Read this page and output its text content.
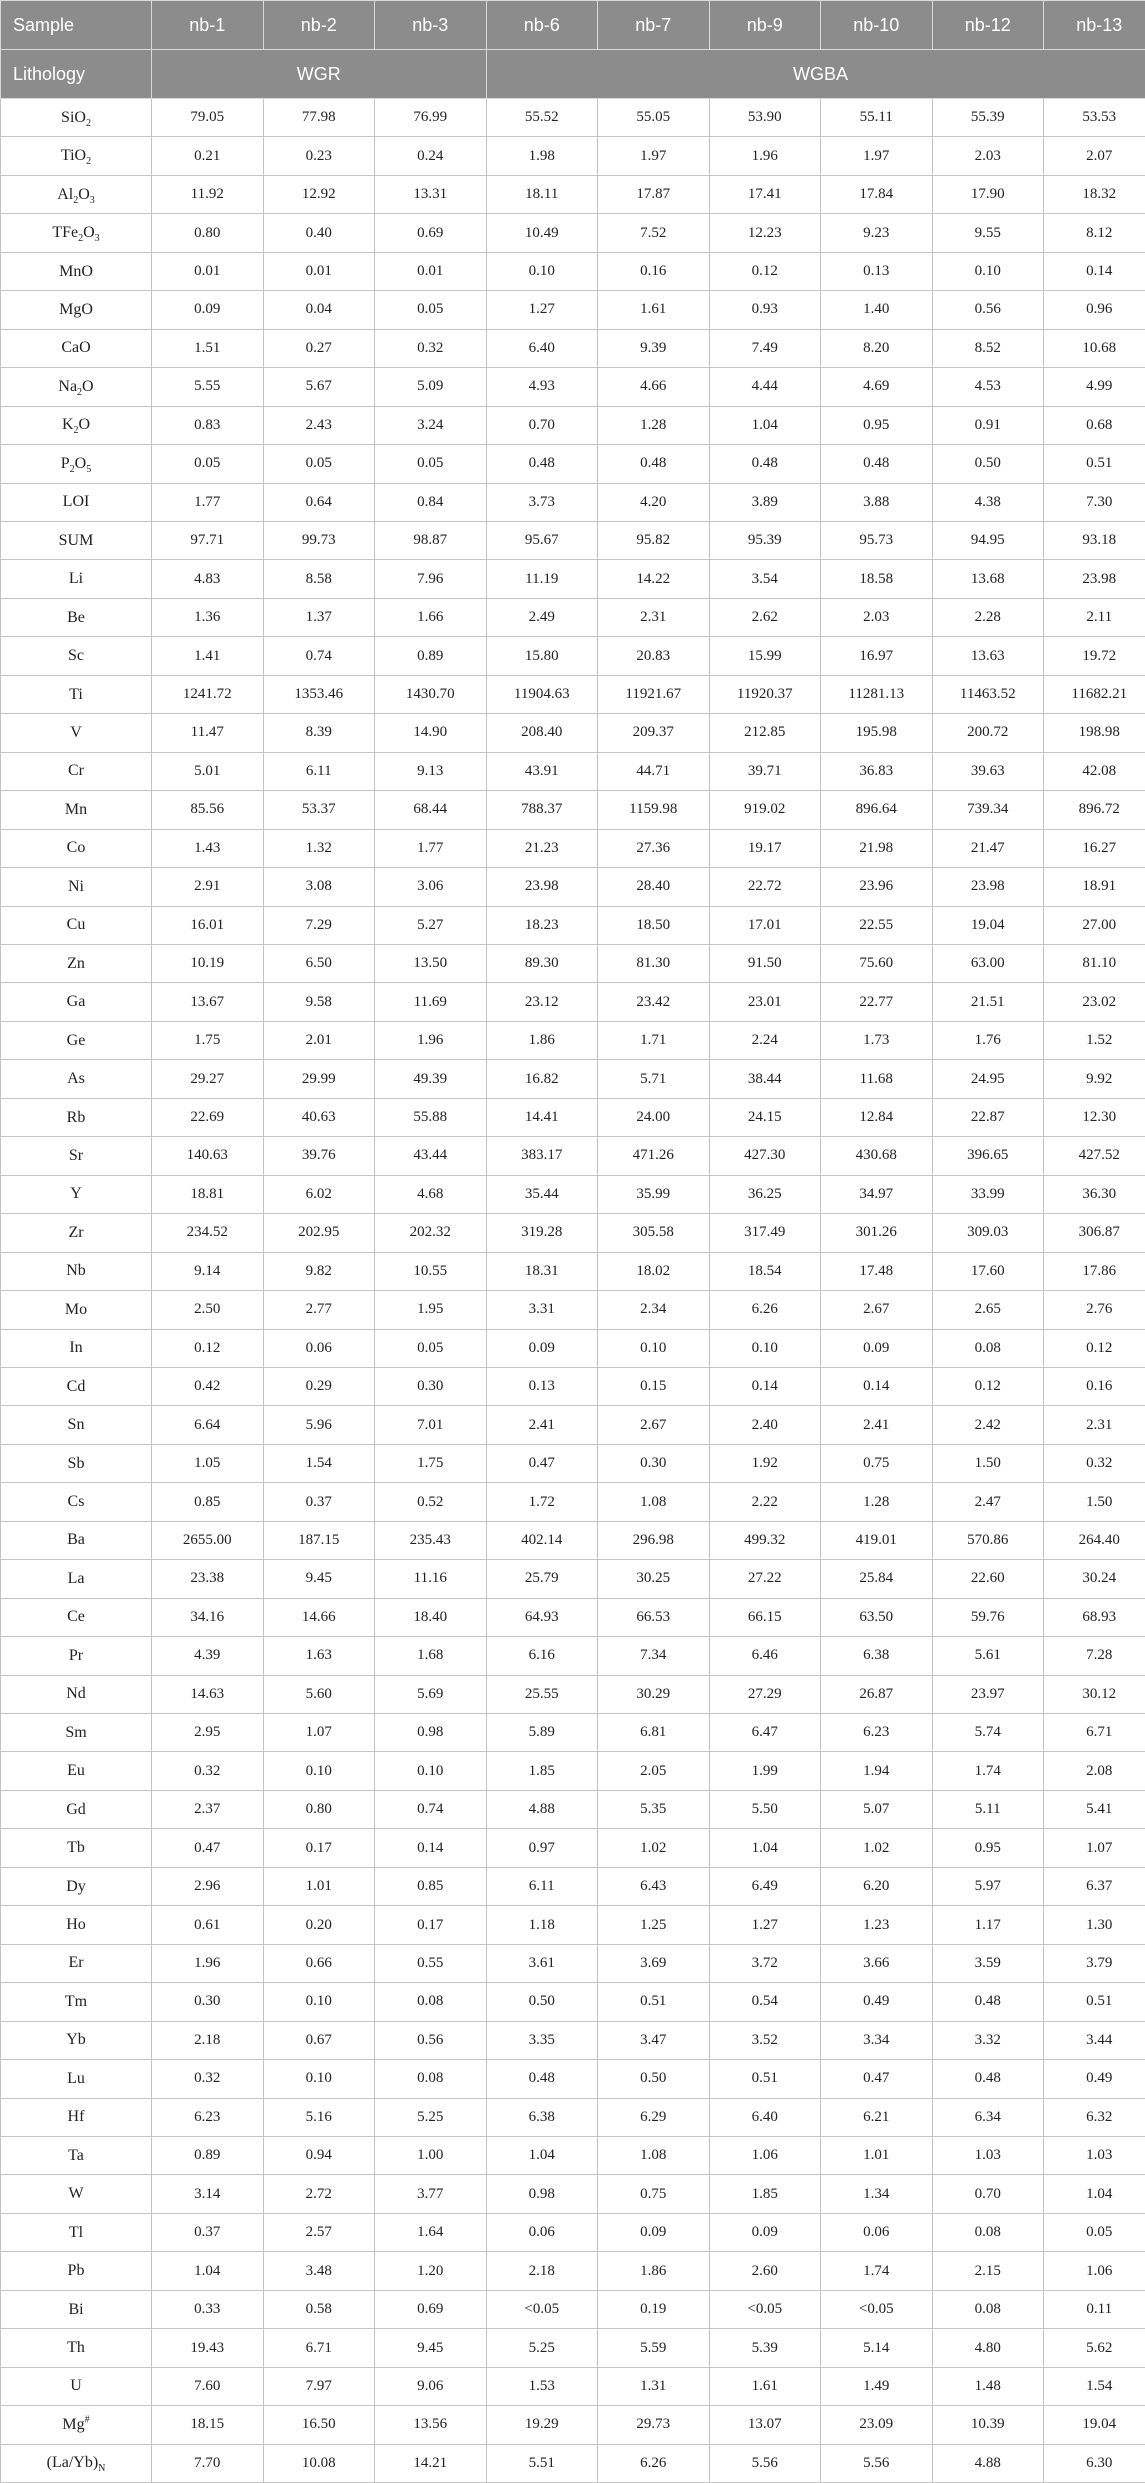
Sample	nb-1	nb-2	nb-3	nb-6	nb-7	nb-9	nb-10	nb-12	nb-13
Lithology	WGR			WGBA					
SiO$_2$	79.05	77.98	76.99	55.52	55.05	53.90	55.11	55.39	53.53
TiO$_2$	0.21	0.23	0.24	1.98	1.97	1.96	1.97	2.03	2.07
$Al_2O_3$	11.92	12.92	13.31	18.11	17.87	17.41	17.84	17.90	18.32
$TFe_2O_3$	0.80	0.40	0.69	10.49	7.52	12.23	9.23	9.55	8.12
MnO	0.01	0.01	0.01	0.10	0.16	0.12	0.13	0.10	0.14
MgO	0.09	0.04	0.05	1.27	1.61	0.93	1.40	0.56	0.96
CaO	1.51	0.27	0.32	6.40	9.39	7.49	8.20	8.52	10.68
$Na_2O$	5.55	5.67	5.09	4.93	4.66	4.44	4.69	4.53	4.99
$K_2O$	0.83	2.43	3.24	0.70	1.28	1.04	0.95	0.91	0.68
$P_2O_5$	0.05	0.05	0.05	0.48	0.48	0.48	0.48	0.50	0.51
LOI	1.77	0.64	0.84	3.73	4.20	3.89	3.88	4.38	7.30
SUM	97.71	99.73	98.87	95.67	95.82	95.39	95.73	94.95	93.18
Li	4.83	8.58	7.96	11.19	14.22	3.54	18.58	13.68	23.98
Be	1.36	1.37	1.66	2.49	2.31	2.62	2.03	2.28	2.11
Sc	1.41	0.74	0.89	15.80	20.83	15.99	16.97	13.63	19.72
Ti	1241.72	1353.46	1430.70	11904.63	11921.67	11920.37	11281.13	11463.52	11682.21
V	11.47	8.39	14.90	208.40	209.37	212.85	195.98	200.72	198.98
Cr	5.01	6.11	9.13	43.91	44.71	39.71	36.83	39.63	42.08
Mn	85.56	53.37	68.44	788.37	1159.98	919.02	896.64	739.34	896.72
Co	1.43	1.32	1.77	21.23	27.36	19.17	21.98	21.47	16.27
Ni	2.91	3.08	3.06	23.98	28.40	22.72	23.96	23.98	18.91
Cu	16.01	7.29	5.27	18.23	18.50	17.01	22.55	19.04	27.00
Zn	10.19	6.50	13.50	89.30	81.30	91.50	75.60	63.00	81.10
Ga	13.67	9.58	11.69	23.12	23.42	23.01	22.77	21.51	23.02
Ge	1.75	2.01	1.96	1.86	1.71	2.24	1.73	1.76	1.52
As	29.27	29.99	49.39	16.82	5.71	38.44	11.68	24.95	9.92
Rb	22.69	40.63	55.88	14.41	24.00	24.15	12.84	22.87	12.30
Sr	140.63	39.76	43.44	383.17	471.26	427.30	430.68	396.65	427.52
Y	18.81	6.02	4.68	35.44	35.99	36.25	34.97	33.99	36.30
Zr	234.52	202.95	202.32	319.28	305.58	317.49	301.26	309.03	306.87
Nb	9.14	9.82	10.55	18.31	18.02	18.54	17.48	17.60	17.86
Mo	2.50	2.77	1.95	3.31	2.34	6.26	2.67	2.65	2.76
In	0.12	0.06	0.05	0.09	0.10	0.10	0.09	0.08	0.12
Cd	0.42	0.29	0.30	0.13	0.15	0.14	0.14	0.12	0.16
Sn	6.64	5.96	7.01	2.41	2.67	2.40	2.41	2.42	2.31
Sb	1.05	1.54	1.75	0.47	0.30	1.92	0.75	1.50	0.32
Cs	0.85	0.37	0.52	1.72	1.08	2.22	1.28	2.47	1.50
Ba	2655.00	187.15	235.43	402.14	296.98	499.32	419.01	570.86	264.40
La	23.38	9.45	11.16	25.79	30.25	27.22	25.84	22.60	30.24
Ce	34.16	14.66	18.40	64.93	66.53	66.15	63.50	59.76	68.93
Pr	4.39	1.63	1.68	6.16	7.34	6.46	6.38	5.61	7.28
Nd	14.63	5.60	5.69	25.55	30.29	27.29	26.87	23.97	30.12
Sm	2.95	1.07	0.98	5.89	6.81	6.47	6.23	5.74	6.71
Eu	0.32	0.10	0.10	1.85	2.05	1.99	1.94	1.74	2.08
Gd	2.37	0.80	0.74	4.88	5.35	5.50	5.07	5.11	5.41
Tb	0.47	0.17	0.14	0.97	1.02	1.04	1.02	0.95	1.07
Dy	2.96	1.01	0.85	6.11	6.43	6.49	6.20	5.97	6.37
Ho	0.61	0.20	0.17	1.18	1.25	1.27	1.23	1.17	1.30
Er	1.96	0.66	0.55	3.61	3.69	3.72	3.66	3.59	3.79
Tm	0.30	0.10	0.08	0.50	0.51	0.54	0.49	0.48	0.51
Yb	2.18	0.67	0.56	3.35	3.47	3.52	3.34	3.32	3.44
Lu	0.32	0.10	0.08	0.48	0.50	0.51	0.47	0.48	0.49
Hf	6.23	5.16	5.25	6.38	6.29	6.40	6.21	6.34	6.32
Ta	0.89	0.94	1.00	1.04	1.08	1.06	1.01	1.03	1.03
W	3.14	2.72	3.77	0.98	0.75	1.85	1.34	0.70	1.04
Tl	0.37	2.57	1.64	0.06	0.09	0.09	0.06	0.08	0.05
Pb	1.04	3.48	1.20	2.18	1.86	2.60	1.74	2.15	1.06
Bi	0.33	0.58	0.69	<0.05	0.19	<0.05	<0.05	0.08	0.11
Th	19.43	6.71	9.45	5.25	5.59	5.39	5.14	4.80	5.62
U	7.60	7.97	9.06	1.53	1.31	1.61	1.49	1.48	1.54
Mg#	18.15	16.50	13.56	19.29	29.73	13.07	23.09	10.39	19.04
$(La/Yb)_N$	7.70	10.08	14.21	5.51	6.26	5.56	5.56	4.88	6.30
